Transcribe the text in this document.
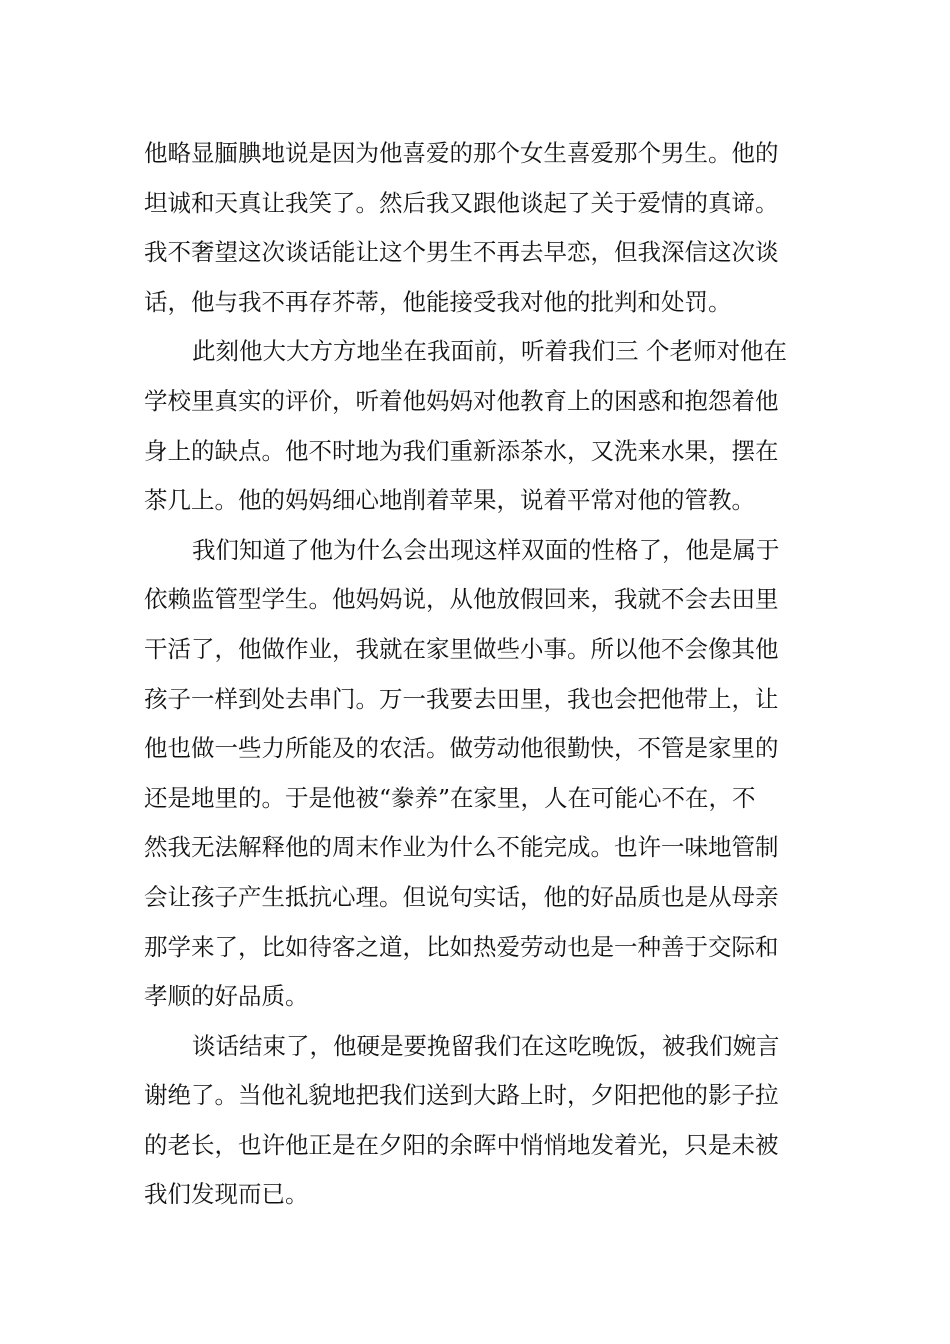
他略显腼腆地说是因为他喜爱的那个女生喜爱那个男生。他的
坦诚和天真让我笑了。然后我又跟他谈起了关于爱情的真谛。
我不奢望这次谈话能让这个男生不再去早恋，但我深信这次谈
话，他与我不再存芥蒂，他能接受我对他的批判和处罚。
此刻他大大方方地坐在我面前，听着我们三 个老师对他在
学校里真实的评价，听着他妈妈对他教育上的困惑和抱怨着他
身上的缺点。他不时地为我们重新添茶水，又洗来水果，摆在
茶几上。他的妈妈细心地削着苹果，说着平常对他的管教。
我们知道了他为什么会出现这样双面的性格了，他是属于
依赖监管型学生。他妈妈说，从他放假回来，我就不会去田里
干活了，他做作业，我就在家里做些小事。所以他不会像其他
孩子一样到处去串门。万一我要去田里，我也会把他带上，让
他也做一些力所能及的农活。做劳动他很勤快，不管是家里的
还是地里的。于是他被“豢养”在家里，人在可能心不在，不
然我无法解释他的周末作业为什么不能完成。也许一味地管制
会让孩子产生抵抗心理。但说句实话，他的好品质也是从母亲
那学来了，比如待客之道，比如热爱劳动也是一种善于交际和
孝顺的好品质。
谈话结束了，他硬是要挽留我们在这吃晚饭，被我们婉言
谢绝了。当他礼貌地把我们送到大路上时，夕阳把他的影子拉
的老长，也许他正是在夕阳的余晖中悄悄地发着光，只是未被
我们发现而已。
